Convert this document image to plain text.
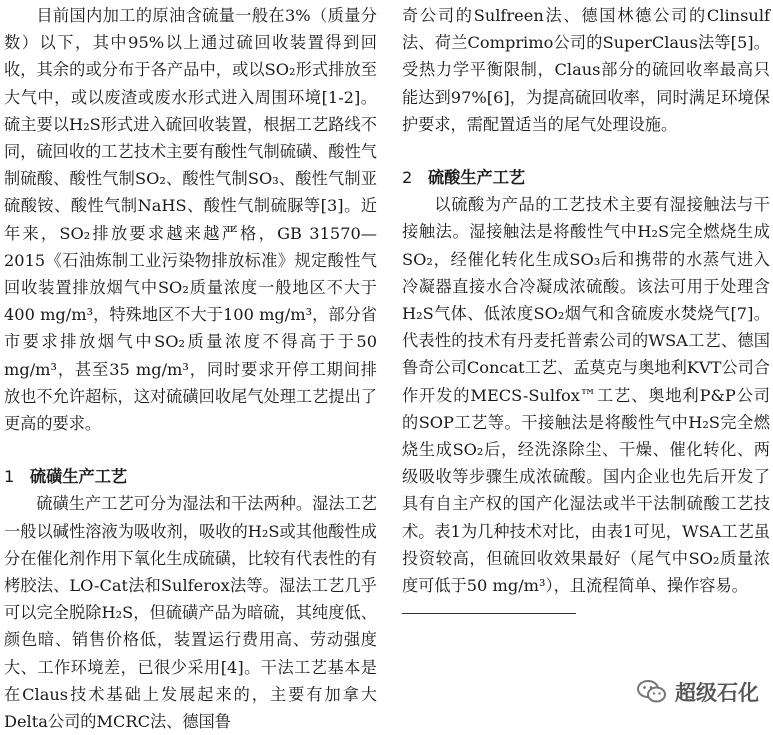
目前国内加工的原油含硫量一般在3%（质量分数）以下，其中95%以上通过硫回收装置得到回收，其余的或分布于各产品中，或以SO₂形式排放至大气中，或以废渣或废水形式进入周围环境[1-2]。硫主要以H₂S形式进入硫回收装置，根据工艺路线不同，硫回收的工艺技术主要有酸性气制硫磺、酸性气制硫酸、酸性气制SO₂、酸性气制SO₃、酸性气制亚硫酸铵、酸性气制NaHS、酸性气制硫脲等[3]。近年来，SO₂排放要求越来越严格，GB 31570—2015《石油炼制工业污染物排放标准》规定酸性气回收装置排放烟气中SO₂质量浓度一般地区不大于400 mg/m³，特殊地区不大于100 mg/m³，部分省市要求排放烟气中SO₂质量浓度不得高于于50 mg/m³，甚至35 mg/m³，同时要求开停工期间排放也不允许超标，这对硫磺回收尾气处理工艺提出了更高的要求。

1 硫磺生产工艺

硫磺生产工艺可分为湿法和干法两种。湿法工艺一般以碱性溶液为吸收剂，吸收的H₂S或其他酸性成分在催化剂作用下氧化生成硫磺，比较有代表性的有栲胶法、LO-Cat法和Sulferox法等。湿法工艺几乎可以完全脱除H₂S，但硫磺产品为暗硫，其纯度低、颜色暗、销售价格低，装置运行费用高、劳动强度大、工作环境差，已很少采用[4]。干法工艺基本是在Claus技术基础上发展起来的，主要有加拿大Delta公司的MCRC法、德国鲁

奇公司的Sulfreen法、德国林德公司的Clinsulf法、荷兰Comprimo公司的SuperClaus法等[5]。受热力学平衡限制，Claus部分的硫回收率最高只能达到97%[6]，为提高硫回收率，同时满足环境保护要求，需配置适当的尾气处理设施。

2 硫酸生产工艺

以硫酸为产品的工艺技术主要有湿接触法与干接触法。湿接触法是将酸性气中H₂S完全燃烧生成SO₂，经催化转化生成SO₃后和携带的水蒸气进入冷凝器直接水合冷凝成浓硫酸。该法可用于处理含H₂S气体、低浓度SO₂烟气和含硫废水焚烧气[7]。代表性的技术有丹麦托普索公司的WSA工艺、德国鲁奇公司Concat工艺、孟莫克与奥地利KVT公司合作开发的MECS-Sulfox™工艺、奥地利P&P公司的SOP工艺等。干接触法是将酸性气中H₂S完全燃烧生成SO₂后，经洗涤除尘、干燥、催化转化、两级吸收等步骤生成浓硫酸。国内企业也先后开发了具有自主产权的国产化湿法或半干法制硫酸工艺技术。表1为几种技术对比，由表1可见，WSA工艺虽投资较高，但硫回收效果最好（尾气中SO₂质量浓度可低于50 mg/m³），且流程简单、操作容易。

超级石化
